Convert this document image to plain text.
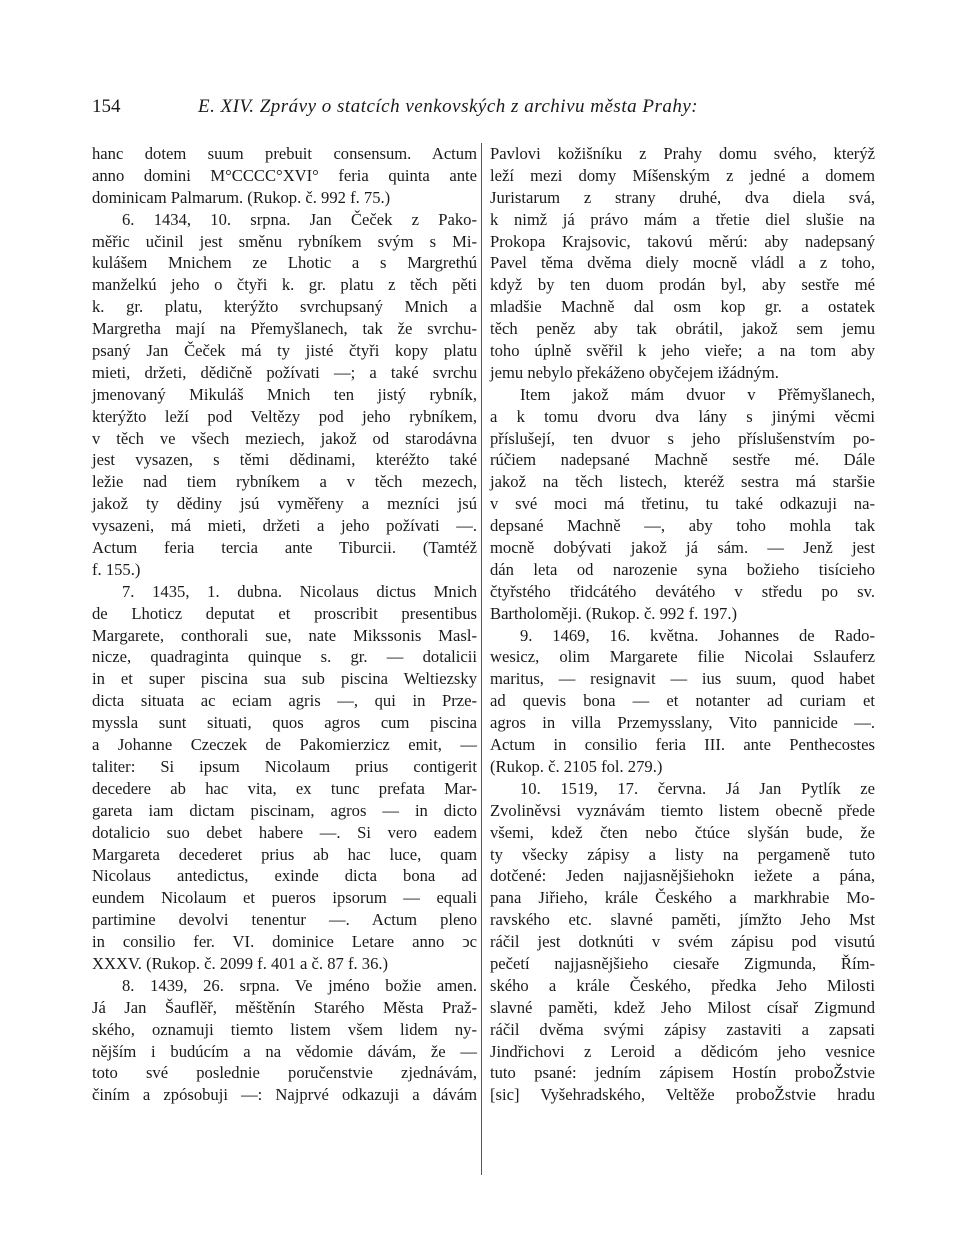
154	E. XIV. Zprávy o statcích venkovských z archivu města Prahy:
hanc dotem suum prebuit consensum. Actum
anno domini M°CCCC°XVI° feria quinta ante
dominicam Palmarum. (Rukop. č. 992 f. 75.)
6. 1434, 10. srpna. Jan Čeček z Pako-
měřic učinil jest směnu rybníkem svým s Mi-
kulášem Mnichem ze Lhotic a s Margrethú
manželkú jeho o čtyři k. gr. platu z těch pěti
k. gr. platu, kterýžto svrchupsaný Mnich a
Margretha mají na Přemyšlanech, tak že svrchu-
psaný Jan Čeček má ty jisté čtyři kopy platu
mieti, držeti, dědičně požívati —; a také svrchu
jmenovaný Mikuláš Mnich ten jistý rybník,
kterýžto leží pod Veltězy pod jeho rybníkem,
v těch ve všech meziech, jakož od starodávna
jest vysazen, s těmi dědinami, kteréžto také
ležie nad tiem rybníkem a v těch mezech,
jakož ty dědiny jsú vyměřeny a mezníci jsú
vysazeni, má mieti, držeti a jeho požívati —.
Actum feria tercia ante Tiburcii. (Tamtéž
f. 155.)
7. 1435, 1. dubna. Nicolaus dictus Mnich
de Lhoticz deputat et proscribit presentibus
Margarete, conthorali sue, nate Mikssonis Masl-
nicze, quadraginta quinque s. gr. — dotalicii
in et super piscina sua sub piscina Weltiezsky
dicta situata ac eciam agris —, qui in Prze-
myssla sunt situati, quos agros cum piscina
a Johanne Czeczek de Pakomierzicz emit, —
taliter: Si ipsum Nicolaum prius contigerit
decedere ab hac vita, ex tunc prefata Mar-
gareta iam dictam piscinam, agros — in dicto
dotalicio suo debet habere —. Si vero eadem
Margareta decederet prius ab hac luce, quam
Nicolaus antedictus, exinde dicta bona ad
eundem Nicolaum et pueros ipsorum — equali
partimine devolvi tenentur —. Actum pleno
in consilio fer. VI. dominice Letare anno ͻc
XXXV. (Rukop. č. 2099 f. 401 a č. 87 f. 36.)
8. 1439, 26. srpna. Ve jméno božie amen.
Já Jan Šauflěř, měštěnín Starého Města Praž-
ského, oznamuji tiemto listem všem lidem ny-
nějším i budúcím a na vědomie dávám, že —
toto své poslednie poručenstvie zjednávám,
činím a zpósobuji —: Najprvé odkazuji a dávám
Pavlovi kožišníku z Prahy domu svého, kterýž
leží mezi domy Míšenským z jedné a domem
Juristarum z strany druhé, dva diela svá,
k nimž já právo mám a třetie diel slušie na
Prokopa Krajsovic, takovú měrú: aby nadepsaný
Pavel těma dvěma diely mocně vládl a z toho,
když by ten duom prodán byl, aby sestře mé
mladšie Machně dal osm kop gr. a ostatek
těch peněz aby tak obrátil, jakož sem jemu
toho úplně svěřil k jeho vieře; a na tom aby
jemu nebylo překáženo obyčejem ižádným.
Item jakož mám dvuor v Přěmyšlanech,
a k tomu dvoru dva lány s jinými věcmi
příslušejí, ten dvuor s jeho příslušenstvím po-
rúčiem nadepsané Machně sestře mé. Dále
jakož na těch listech, kteréž sestra má staršie
v své moci má třetinu, tu také odkazuji na-
depsané Machně —, aby toho mohla tak
mocně dobývati jakož já sám. — Jenž jest
dán leta od narozenie syna božieho tisícieho
čtyřstého třidcátého devátého v středu po sv.
Bartholoměji. (Rukop. č. 992 f. 197.)
9. 1469, 16. května. Johannes de Rado-
wesicz, olim Margarete filie Nicolai Sslauferz
maritus, — resignavit — ius suum, quod habet
ad quevis bona — et notanter ad curiam et
agros in villa Przemysslany, Vito pannicide —.
Actum in consilio feria III. ante Penthecostes
(Rukop. č. 2105 fol. 279.)
10. 1519, 17. června. Já Jan Pytlík ze
Zvoliněvsi vyznávám tiemto listem obecně přede
všemi, kdež čten nebo čtúce slyšán bude, že
ty všecky zápisy a listy na pergameně tuto
dotčené: Jeden najjasnějšiehokn iežete a pána,
pana Jiřieho, krále Českého a markhrabie Mo-
ravského etc. slavné paměti, jímžto Jeho Mst
ráčil jest dotknúti v svém zápisu pod visutú
pečetí najjasnějšieho ciesaře Zigmunda, Řím-
ského a krále Českého, předka Jeho Milosti
slavné paměti, kdež Jeho Milost císař Zigmund
ráčil dvěma svými zápisy zastaviti a zapsati
Jindřichovi z Leroid a dědicóm jeho vesnice
tuto psané: jedním zápisem Hostín proboŽstvie
[sic] Vyšehradského, Veltěže proboŽstvie hradu
